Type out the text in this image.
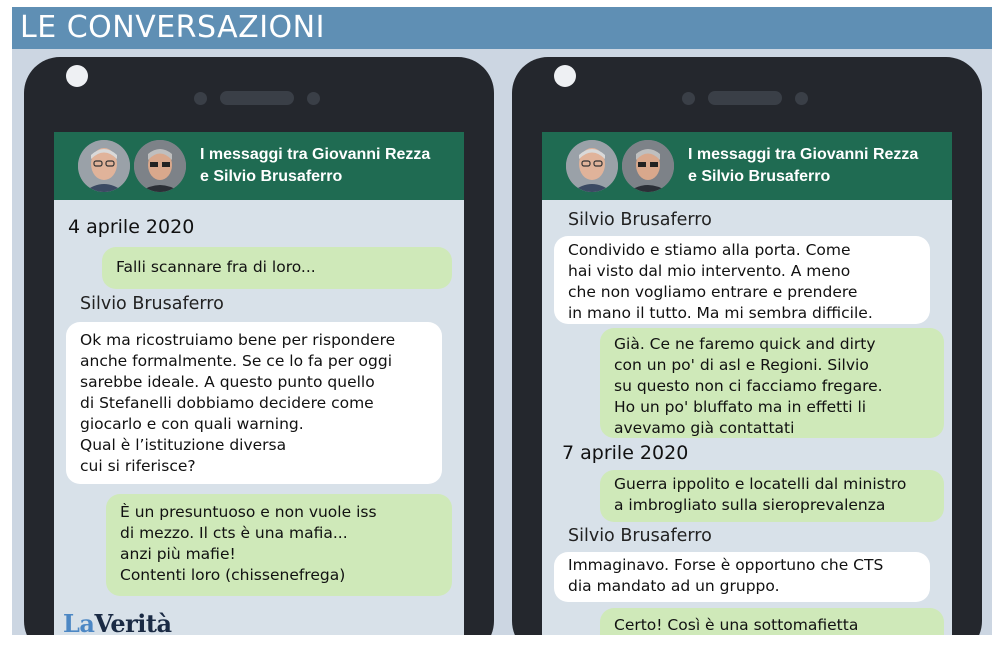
LE CONVERSAZIONI
I messaggi tra Giovanni Rezza
e Silvio Brusaferro
4 aprile 2020
Falli scannare fra di loro...
Silvio Brusaferro
Ok ma ricostruiamo bene per rispondere
anche formalmente. Se ce lo fa per oggi
sarebbe ideale. A questo punto quello
di Stefanelli dobbiamo decidere come
giocarlo e con quali warning.
Qual è l’istituzione diversa
cui si riferisce?
È un presuntuoso e non vuole iss
di mezzo. Il cts è una mafia...
anzi più mafie!
Contenti loro (chissenefrega)
LaVerità
I messaggi tra Giovanni Rezza
e Silvio Brusaferro
Silvio Brusaferro
Condivido e stiamo alla porta. Come
hai visto dal mio intervento. A meno
che non vogliamo entrare e prendere
in mano il tutto. Ma mi sembra difficile.
Già. Ce ne faremo quick and dirty
con un po' di asl e Regioni. Silvio
su questo non ci facciamo fregare.
Ho un po' bluffato ma in effetti li
avevamo già contattati
7 aprile 2020
Guerra ippolito e locatelli dal ministro
a imbrogliato sulla sieroprevalenza
Silvio Brusaferro
Immaginavo. Forse è opportuno che CTS
dia mandato ad un gruppo.
Certo! Così è una sottomafietta
